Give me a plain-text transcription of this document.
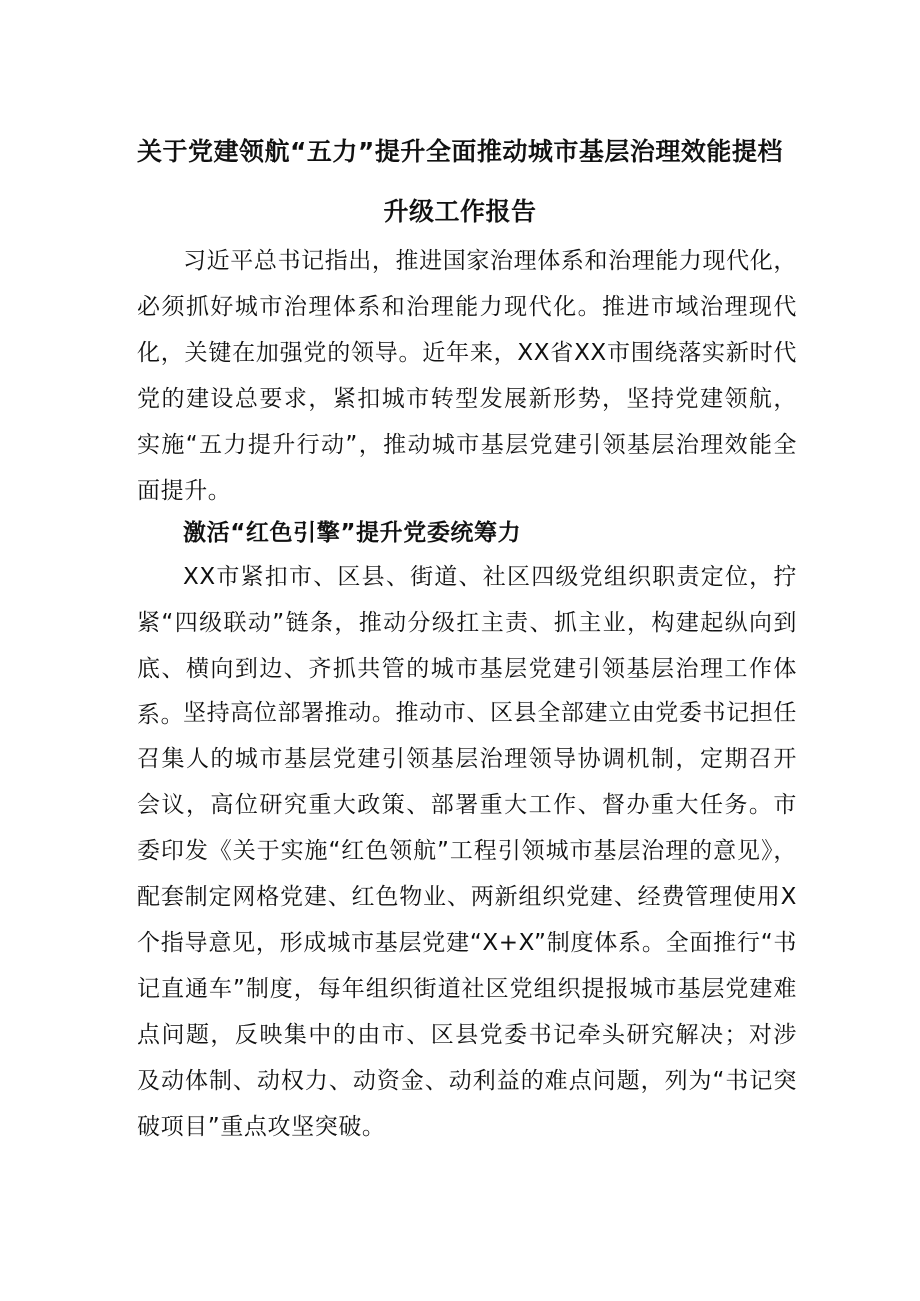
关于党建领航“五力”提升全面推动城市基层治理效能提档
升级工作报告
习近平总书记指出，推进国家治理体系和治理能力现代化，必须抓好城市治理体系和治理能力现代化。推进市域治理现代化，关键在加强党的领导。近年来，XX省XX市围绕落实新时代党的建设总要求，紧扣城市转型发展新形势，坚持党建领航，实施“五力提升行动”，推动城市基层党建引领基层治理效能全面提升。
激活“红色引擎”提升党委统筹力
XX市紧扣市、区县、街道、社区四级党组织职责定位，拧紧“四级联动”链条，推动分级扛主责、抓主业，构建起纵向到底、横向到边、齐抓共管的城市基层党建引领基层治理工作体系。
坚持高位部署推动。推动市、区县全部建立由党委书记担任召集人的城市基层党建引领基层治理领导协调机制，定期召开会议，高位研究重大政策、部署重大工作、督办重大任务。市委印发《关于实施“红色领航”工程引领城市基层治理的意见》，配套制定网格党建、红色物业、两新组织党建、经费管理使用X个指导意见，形成城市基层党建“X+X”制度体系。全面推行“书记直通车”制度，每年组织街道社区党组织提报城市基层党建难点问题，反映集中的由市、区县党委书记牵头研究解决；对涉及动体制、动权力、动资金、动利益的难点问题，列为“书记突破项目”重点攻坚突破。
